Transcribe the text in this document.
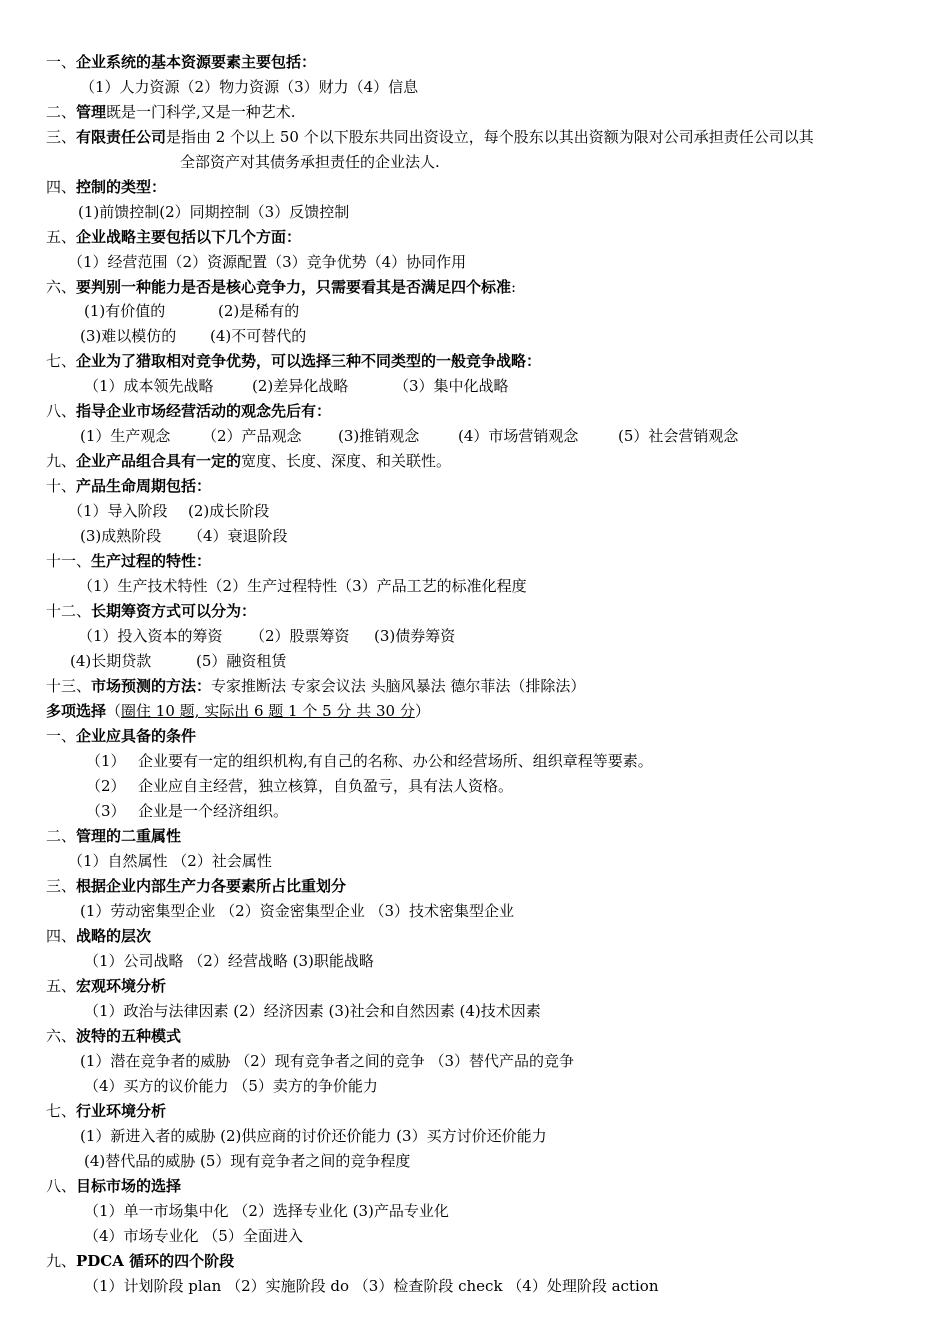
一、企业系统的基本资源要素主要包括：
（1）人力资源（2）物力资源（3）财力（4）信息
二、管理既是一门科学,又是一种艺术.
三、有限责任公司是指由 2 个以上 50 个以下股东共同出资设立，每个股东以其出资额为限对公司承担责任公司以其
全部资产对其债务承担责任的企业法人.
四、控制的类型：
(1)前馈控制(2）同期控制（3）反馈控制
五、企业战略主要包括以下几个方面：
（1）经营范围（2）资源配置（3）竞争优势（4）协同作用
六、要判别一种能力是否是核心竞争力，只需要看其是否满足四个标准:
(1)有价值的	(2)是稀有的
(3)难以模仿的 (4)不可替代的
七、企业为了猎取相对竞争优势，可以选择三种不同类型的一般竞争战略：
（1）成本领先战略	(2)差异化战略	（3）集中化战略
八、指导企业市场经营活动的观念先后有：
(1）生产观念 （2）产品观念 (3)推销观念	(4）市场营销观念	(5）社会营销观念
九、企业产品组合具有一定的宽度、长度、深度、和关联性。
十、产品生命周期包括：
（1）导入阶段 (2)成长阶段
(3)成熟阶段 （4）衰退阶段
十一、生产过程的特性：
（1）生产技术特性（2）生产过程特性（3）产品工艺的标准化程度
十二、长期筹资方式可以分为：
（1）投入资本的筹资 （2）股票筹资 (3)债券筹资
(4)长期贷款	(5）融资租赁
十三、市场预测的方法：专家推断法 专家会议法 头脑风暴法 德尔菲法（排除法）
多项选择（圈住 10 题, 实际出 6 题 1 个 5 分 共 30 分）
一、企业应具备的条件
（1） 企业要有一定的组织机构,有自己的名称、办公和经营场所、组织章程等要素。
（2） 企业应自主经营，独立核算，自负盈亏，具有法人资格。
（3） 企业是一个经济组织。
二、管理的二重属性
（1）自然属性 （2）社会属性
三、根据企业内部生产力各要素所占比重划分
(1）劳动密集型企业 （2）资金密集型企业 （3）技术密集型企业
四、战略的层次
（1）公司战略 （2）经营战略 (3)职能战略
五、宏观环境分析
（1）政治与法律因素 (2）经济因素 (3)社会和自然因素 (4)技术因素
六、波特的五种模式
(1）潜在竞争者的威胁 （2）现有竞争者之间的竞争 （3）替代产品的竞争
（4）买方的议价能力 （5）卖方的争价能力
七、行业环境分析
(1）新进入者的威胁 (2)供应商的讨价还价能力 (3）买方讨价还价能力
(4)替代品的威胁 (5）现有竞争者之间的竞争程度
八、目标市场的选择
（1）单一市场集中化 （2）选择专业化 (3)产品专业化
（4）市场专业化 （5）全面进入
九、PDCA 循环的四个阶段
（1）计划阶段 plan （2）实施阶段 do （3）检查阶段 check （4）处理阶段 action
